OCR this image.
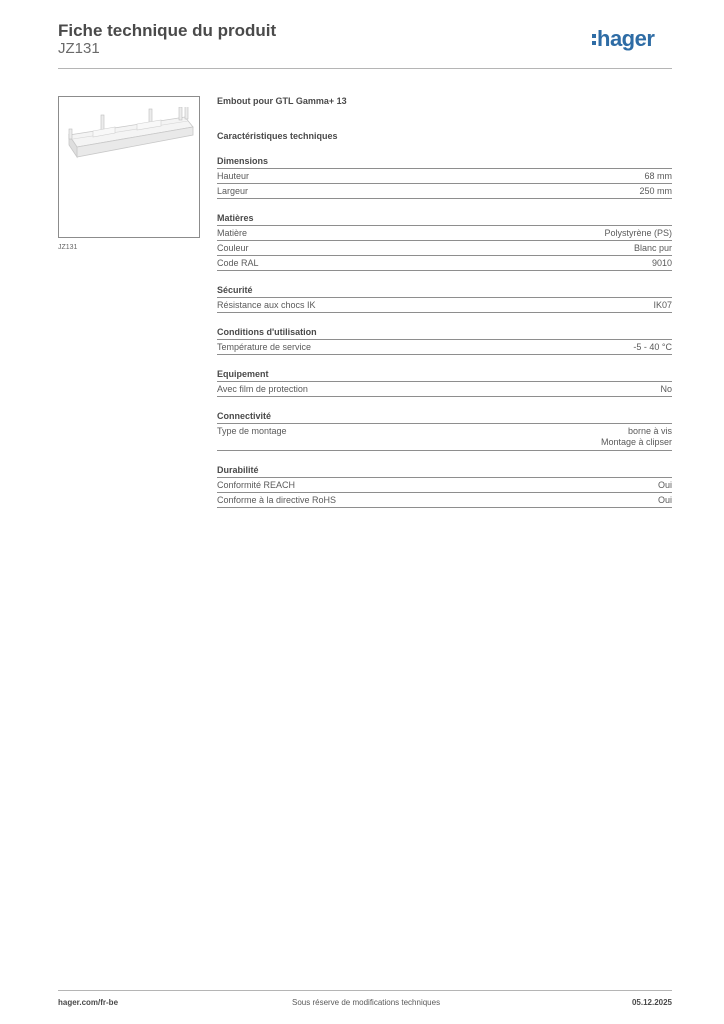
Fiche technique du produit
JZ131	hager
JZ131
Embout pour GTL Gamma+ 13
Caractéristiques techniques
Dimensions
Hauteur	68 mm
Largeur	250 mm
Matières
Matière	Polystyrène (PS)
Couleur	Blanc pur
Code RAL	9010
Sécurité
Résistance aux chocs IK	IK07
Conditions d'utilisation
Température de service	-5 - 40 °C
Equipement
Avec film de protection	No
Connectivité
Type de montage	borne à vis
Montage à clipser
Durabilité
Conformité REACH	Oui
Conforme à la directive RoHS	Oui
hager.com/fr-be	Sous réserve de modifications techniques	05.12.2025
